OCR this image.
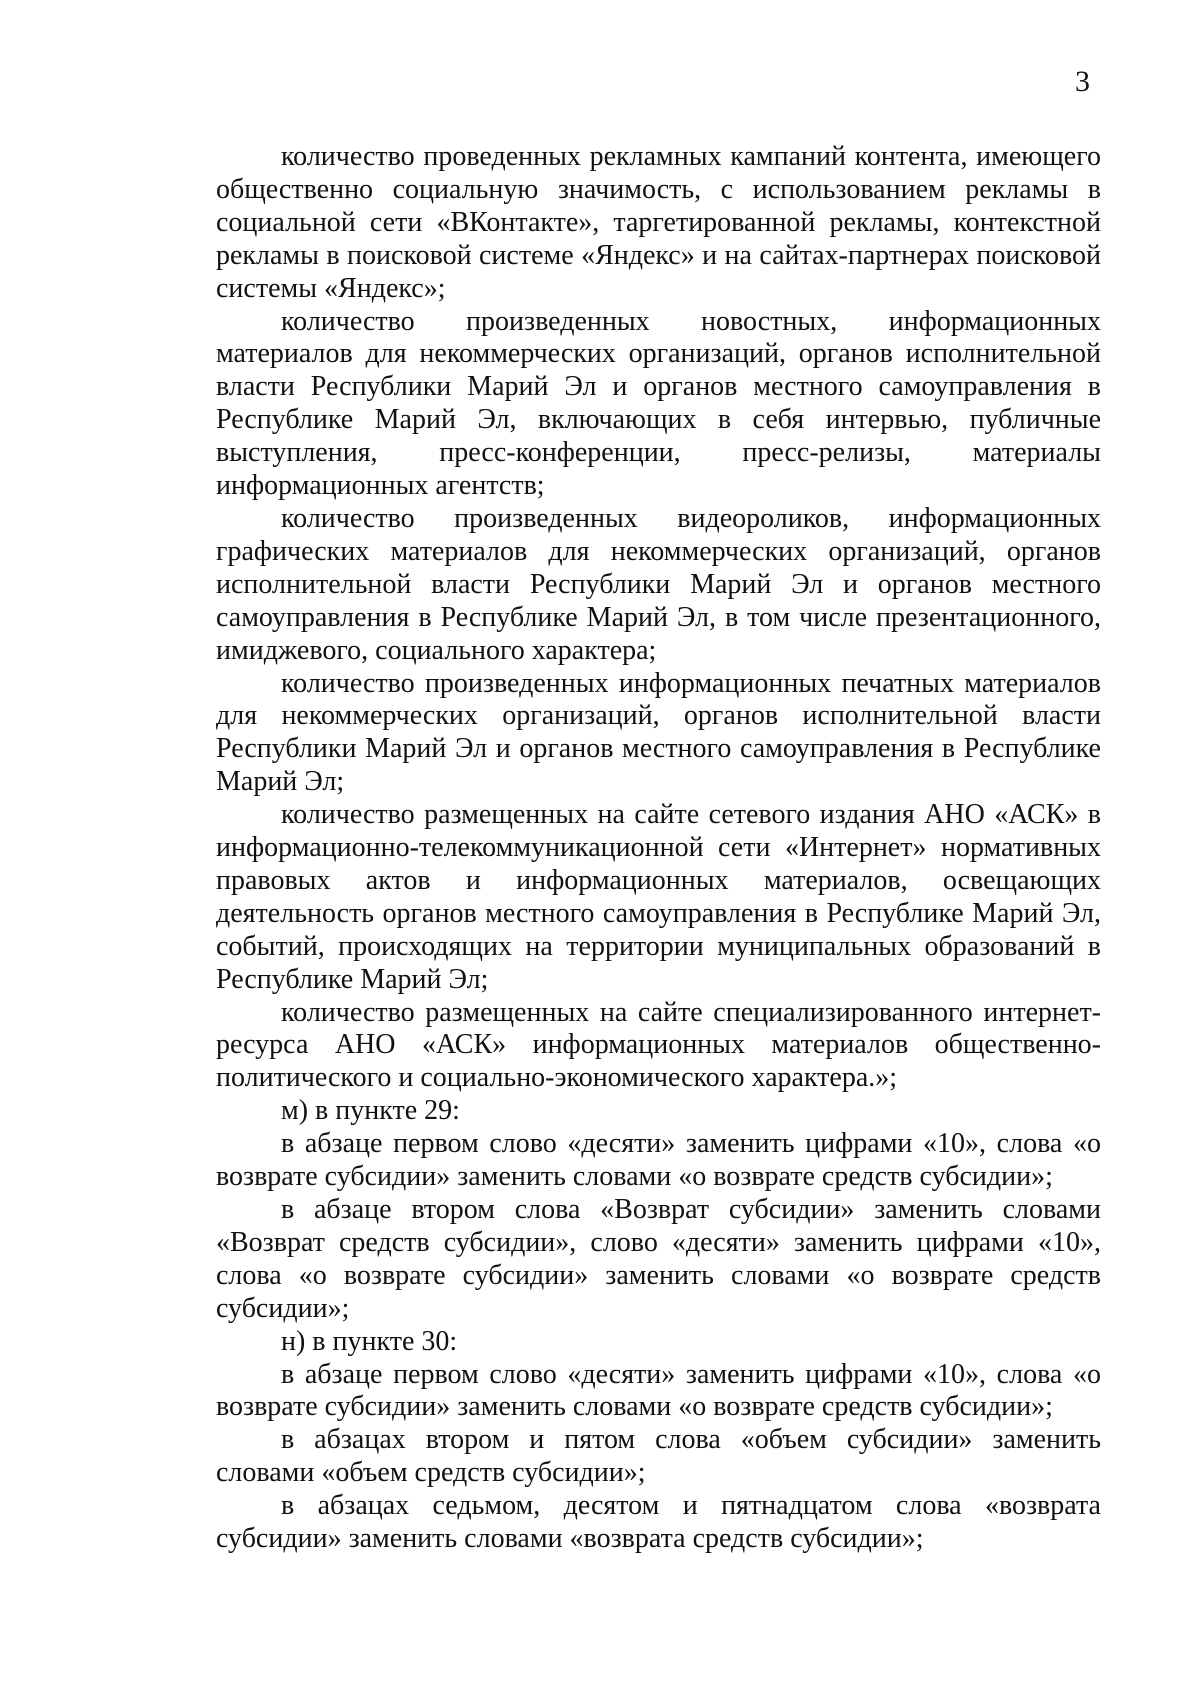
3

количество проведенных рекламных кампаний контента, имеющего общественно социальную значимость, с использованием рекламы в социальной сети «ВКонтакте», таргетированной рекламы, контекстной рекламы в поисковой системе «Яндекс» и на сайтах-партнерах поисковой системы «Яндекс»;

количество произведенных новостных, информационных материалов для некоммерческих организаций, органов исполнительной власти Республики Марий Эл и органов местного самоуправления в Республике Марий Эл, включающих в себя интервью, публичные выступления, пресс-конференции, пресс-релизы, материалы информационных агентств;

количество произведенных видеороликов, информационных графических материалов для некоммерческих организаций, органов исполнительной власти Республики Марий Эл и органов местного самоуправления в Республике Марий Эл, в том числе презентационного, имиджевого, социального характера;

количество произведенных информационных печатных материалов для некоммерческих организаций, органов исполнительной власти Республики Марий Эл и органов местного самоуправления в Республике Марий Эл;

количество размещенных на сайте сетевого издания АНО «АСК» в информационно-телекоммуникационной сети «Интернет» нормативных правовых актов и информационных материалов, освещающих деятельность органов местного самоуправления в Республике Марий Эл, событий, происходящих на территории муниципальных образований в Республике Марий Эл;

количество размещенных на сайте специализированного интернет-ресурса АНО «АСК» информационных материалов общественно-политического и социально-экономического характера.»;

м) в пункте 29:

в абзаце первом слово «десяти» заменить цифрами «10», слова «о возврате субсидии» заменить словами «о возврате средств субсидии»;

в абзаце втором слова «Возврат субсидии» заменить словами «Возврат средств субсидии», слово «десяти» заменить цифрами «10», слова «о возврате субсидии» заменить словами «о возврате средств субсидии»;

н) в пункте 30:

в абзаце первом слово «десяти» заменить цифрами «10», слова «о возврате субсидии» заменить словами «о возврате средств субсидии»;

в абзацах втором и пятом слова «объем субсидии» заменить словами «объем средств субсидии»;

в абзацах седьмом, десятом и пятнадцатом слова «возврата субсидии» заменить словами «возврата средств субсидии»;
